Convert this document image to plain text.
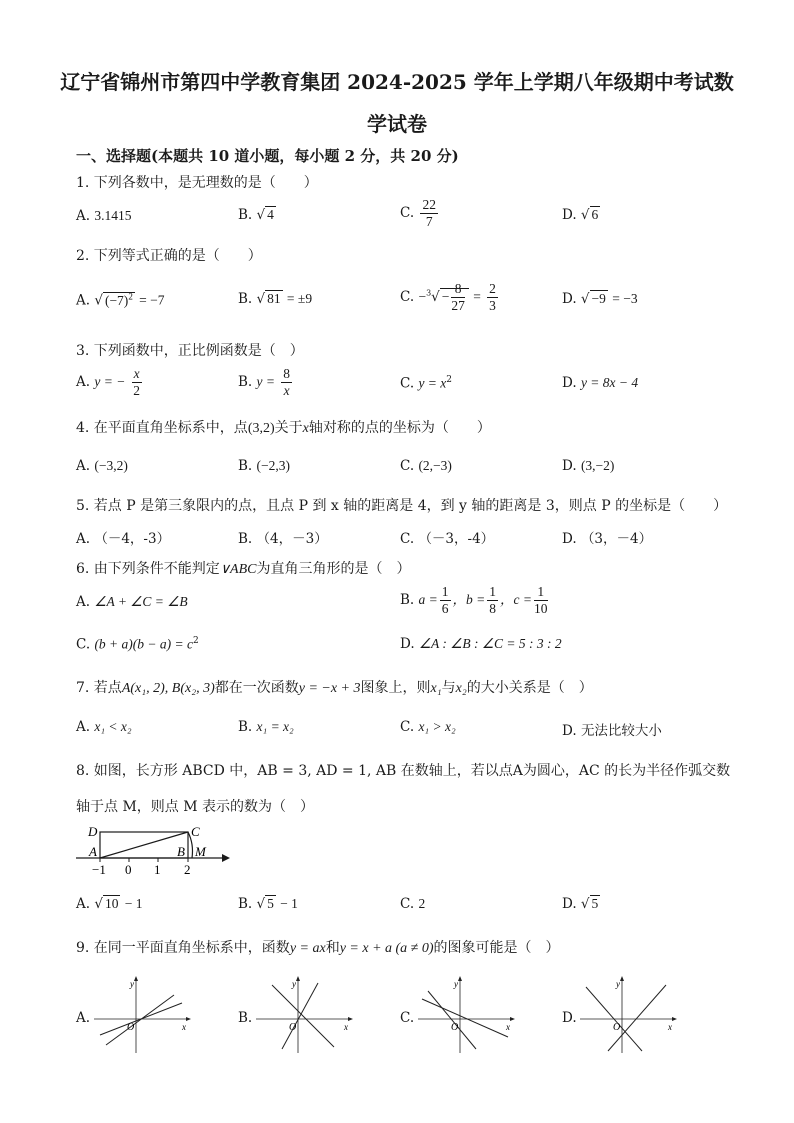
辽宁省锦州市第四中学教育集团 2024-2025 学年上学期八年级期中考试数
学试卷
一、选择题(本题共 10 道小题，每小题 2 分，共 20 分)
1. 下列各数中，是无理数的是（　　）
A. 3.1415	B. √ 4	C. $\frac{22}{7}$	D. √ 6
2. 下列等式正确的是（　　）
A. √ $(-7)^2 = -7$	B. √ 81 = ±9	C. $-^3√ - \frac{8}{27} = \frac{2}{3}$	D. √ −9 = −3
3. 下列函数中，正比例函数是（　）
A. y = − $\frac{x}{2}$	B. $y = \frac{8}{x}$	C. $y = x^2$	D. y = 8x − 4
4. 在平面直角坐标系中，点(3,2)关于x轴对称的点的坐标为（　　）
A. (−3,2)	B. (−2,3)	C. (2,−3)	D. (3,−2)
5. 若点 P 是第三象限内的点，且点 P 到 x 轴的距离是 4，到 y 轴的距离是 3，则点 P 的坐标是（　　）
A. （－4，-3）	B. （4，－3）	C. （－3，-4）	D. （3，－4）
6. 由下列条件不能判定∨ABC为直角三角形的是（　）
A. ∠A + ∠C = ∠B	B. $a = \frac{1}{6}$ ，$b = \frac{1}{8}$ ，$c = \frac{1}{10}$
C. $(b + a)(b - a) = c^2$	D. ∠A : ∠B : ∠C = 5 : 3 : 2
7. 若点A(x₁, 2), B(x₂, 3)都在一次函数y = −x + 3图象上，则x₁与x₂的大小关系是（　）
A. x₁ < x₂	B. x₁ = x₂	C. x₁ > x₂	D. 无法比较大小
8. 如图，长方形 ABCD 中，AB = 3, AD = 1, AB 在数轴上，若以点A为圆心，AC 的长为半径作弧交数
轴于点 M，则点 M 表示的数为（　）
D	C
A	B M
−1 0 1 2
A. √ 10 − 1	B. √ 5 − 1	C. 2	D. √ 5
9. 在同一平面直角坐标系中，函数y = ax和y = x + a (a ≠ 0)的图象可能是（　）
A.
y
x
O
B.
y
x
O
C.
y
x
O
D.
y
x
O
